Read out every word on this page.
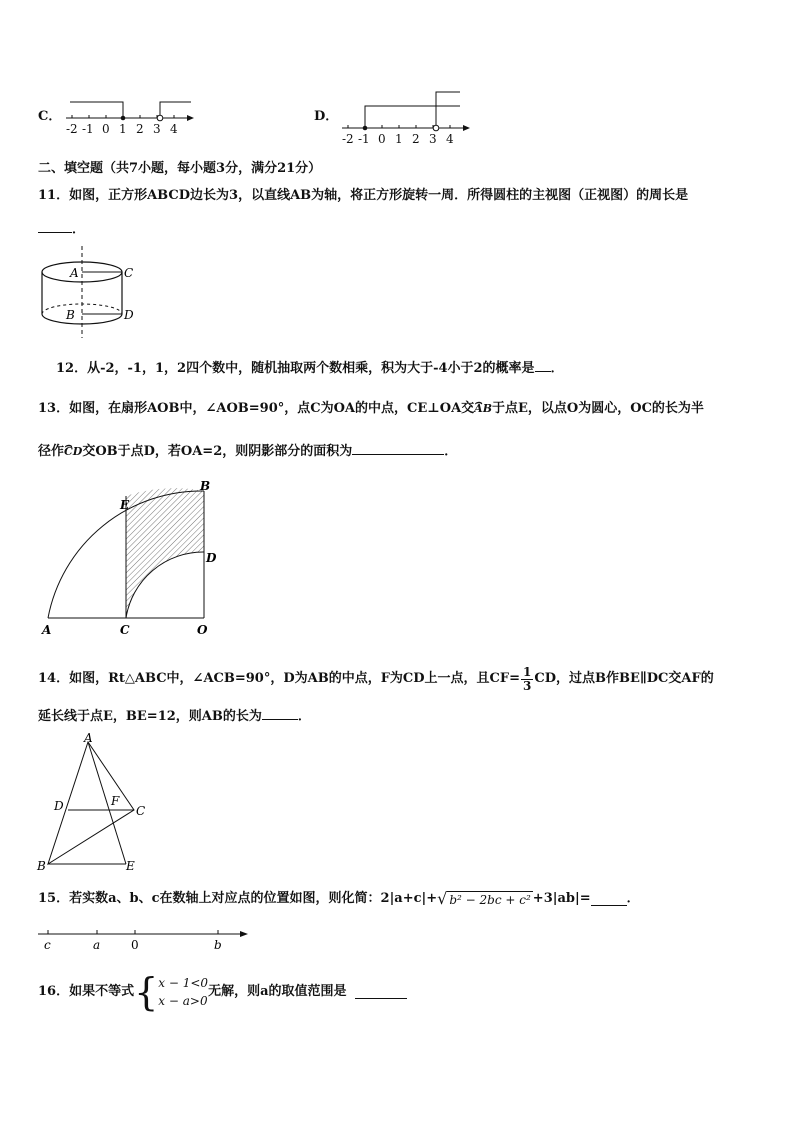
C．
-2 -1 0 1 2 3 4
D．
-2 -1 0 1 2 3 4
二、填空题（共7小题，每小题3分，满分21分）
11．如图，正方形ABCD边长为3，以直线AB为轴，将正方形旋转一周．所得圆柱的主视图（正视图）的周长是
．
A	C
B	D
12．从-2，-1，1，2四个数中，随机抽取两个数相乘，积为大于-4小于2的概率是 ．
13．如图，在扇形AOB中，∠AOB=90°，点C为OA的中点，CE⊥OA交⌢ AB于点E，以点O为圆心，OC的长为半
径作⌢ CD交OB于点D，若OA=2，则阴影部分的面积为	．
E
B
D
A	C	O
14．如图，Rt△ABC中，∠ACB=90°，D为AB的中点，F为CD上一点，且$CF= \frac{1}{3}$ CD，过点B作BE∥DC交AF的
延长线于点E，BE=12，则AB的长为	．
A
D	F
C
B	E
15．若实数a、b、c在数轴上对应点的位置如图，则化简：2|a+c|+ √ b² − 2bc + c² +3|ab|=	．
c	a	0	b
16．如果不等式 { x − 1<0
x − a>0
无解，则a的取值范围是
